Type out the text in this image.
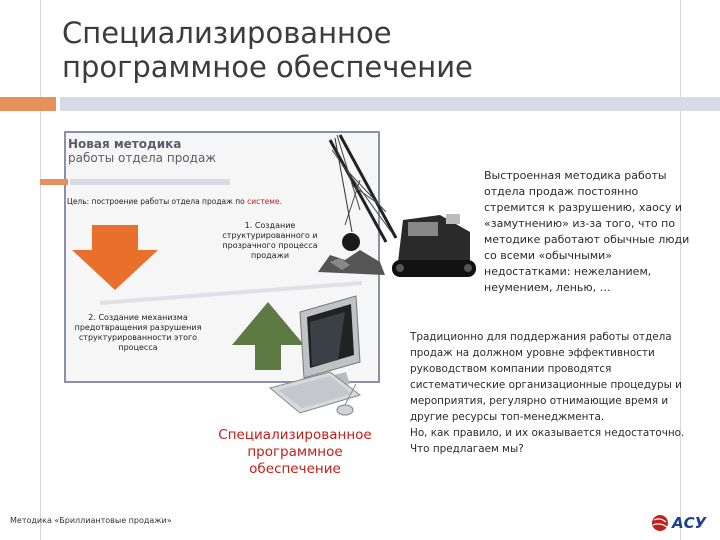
Специализированное
программное обеспечение
Новая методика
работы отдела продаж
Цель: построение работы отдела продаж по системе.
1. Создание структурированного и прозрачного процесса продажи
2. Создание механизма предотвращения разрушения структурированности этого процесса
Специализированное программное обеспечение
Выстроенная методика работы отдела продаж постоянно стремится к разрушению, хаосу и «замутнению» из-за того, что по методике работают обычные люди со всеми «обычными» недостатками: нежеланием, неумением, ленью, …

Традиционно для поддержания работы отдела продаж на должном уровне эффективности руководством компании проводятся систематические организационные процедуры и мероприятия, регулярно отнимающие время и другие ресурсы топ-менеджмента.

Но, как правило, и их оказывается недостаточно. Что предлагаем мы?

Методика «Бриллиантовые продажи»	АСУ
